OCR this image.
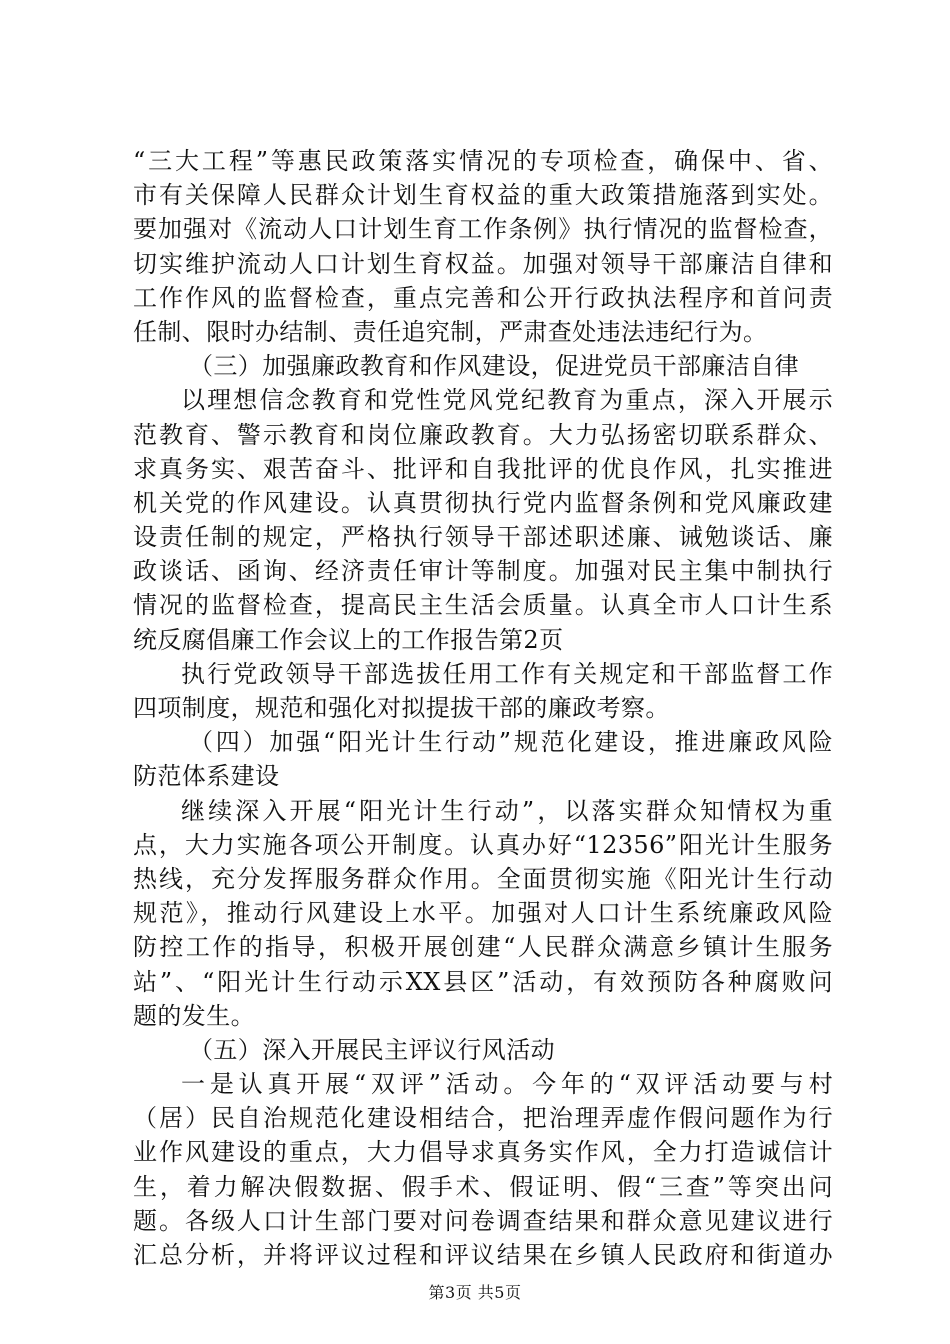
“三大工程”等惠民政策落实情况的专项检查，确保中、省、
市有关保障人民群众计划生育权益的重大政策措施落到实处。
要加强对《流动人口计划生育工作条例》执行情况的监督检查，
切实维护流动人口计划生育权益。加强对领导干部廉洁自律和
工作作风的监督检查，重点完善和公开行政执法程序和首问责
任制、限时办结制、责任追究制，严肃查处违法违纪行为。
（三）加强廉政教育和作风建设，促进党员干部廉洁自律
以理想信念教育和党性党风党纪教育为重点，深入开展示
范教育、警示教育和岗位廉政教育。大力弘扬密切联系群众、
求真务实、艰苦奋斗、批评和自我批评的优良作风，扎实推进
机关党的作风建设。认真贯彻执行党内监督条例和党风廉政建
设责任制的规定，严格执行领导干部述职述廉、诫勉谈话、廉
政谈话、函询、经济责任审计等制度。加强对民主集中制执行
情况的监督检查，提高民主生活会质量。认真全市人口计生系
统反腐倡廉工作会议上的工作报告第2页
执行党政领导干部选拔任用工作有关规定和干部监督工作
四项制度，规范和强化对拟提拔干部的廉政考察。
（四）加强“阳光计生行动”规范化建设，推进廉政风险
防范体系建设
继续深入开展“阳光计生行动”，以落实群众知情权为重
点，大力实施各项公开制度。认真办好“12356”阳光计生服务
热线，充分发挥服务群众作用。全面贯彻实施《阳光计生行动
规范》，推动行风建设上水平。加强对人口计生系统廉政风险
防控工作的指导，积极开展创建“人民群众满意乡镇计生服务
站”、“阳光计生行动示XX县区”活动，有效预防各种腐败问
题的发生。
（五）深入开展民主评议行风活动
一是认真开展“双评”活动。今年的“双评活动要与村
（居）民自治规范化建设相结合，把治理弄虚作假问题作为行
业作风建设的重点，大力倡导求真务实作风，全力打造诚信计
生，着力解决假数据、假手术、假证明、假“三查”等突出问
题。各级人口计生部门要对问卷调查结果和群众意见建议进行
汇总分析，并将评议过程和评议结果在乡镇人民政府和街道办
第3页 共5页
